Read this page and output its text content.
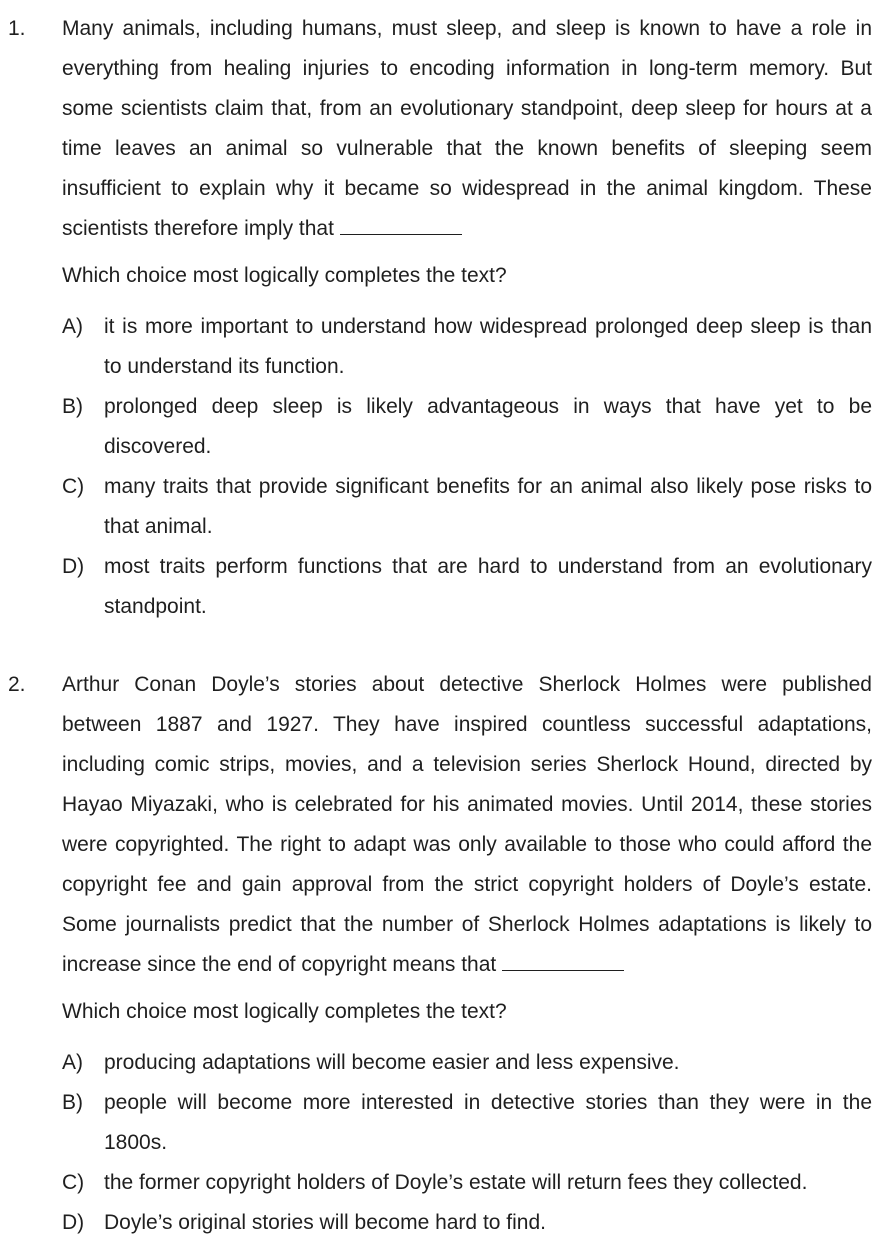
1.	Many animals, including humans, must sleep, and sleep is known to have a role in everything from healing injuries to encoding information in long-term memory. But some scientists claim that, from an evolutionary standpoint, deep sleep for hours at a time leaves an animal so vulnerable that the known benefits of sleeping seem insufficient to explain why it became so widespread in the animal kingdom. These scientists therefore imply that
Which choice most logically completes the text?
A) it is more important to understand how widespread prolonged deep sleep is than to understand its function.
B) prolonged deep sleep is likely advantageous in ways that have yet to be discovered.
C) many traits that provide significant benefits for an animal also likely pose risks to that animal.
D) most traits perform functions that are hard to understand from an evolutionary standpoint.
2.	Arthur Conan Doyle’s stories about detective Sherlock Holmes were published between 1887 and 1927. They have inspired countless successful adaptations, including comic strips, movies, and a television series Sherlock Hound, directed by Hayao Miyazaki, who is celebrated for his animated movies. Until 2014, these stories were copyrighted. The right to adapt was only available to those who could afford the copyright fee and gain approval from the strict copyright holders of Doyle’s estate. Some journalists predict that the number of Sherlock Holmes adaptations is likely to increase since the end of copyright means that
Which choice most logically completes the text?
A) producing adaptations will become easier and less expensive.
B) people will become more interested in detective stories than they were in the 1800s.
C) the former copyright holders of Doyle’s estate will return fees they collected.
D) Doyle’s original stories will become hard to find.
